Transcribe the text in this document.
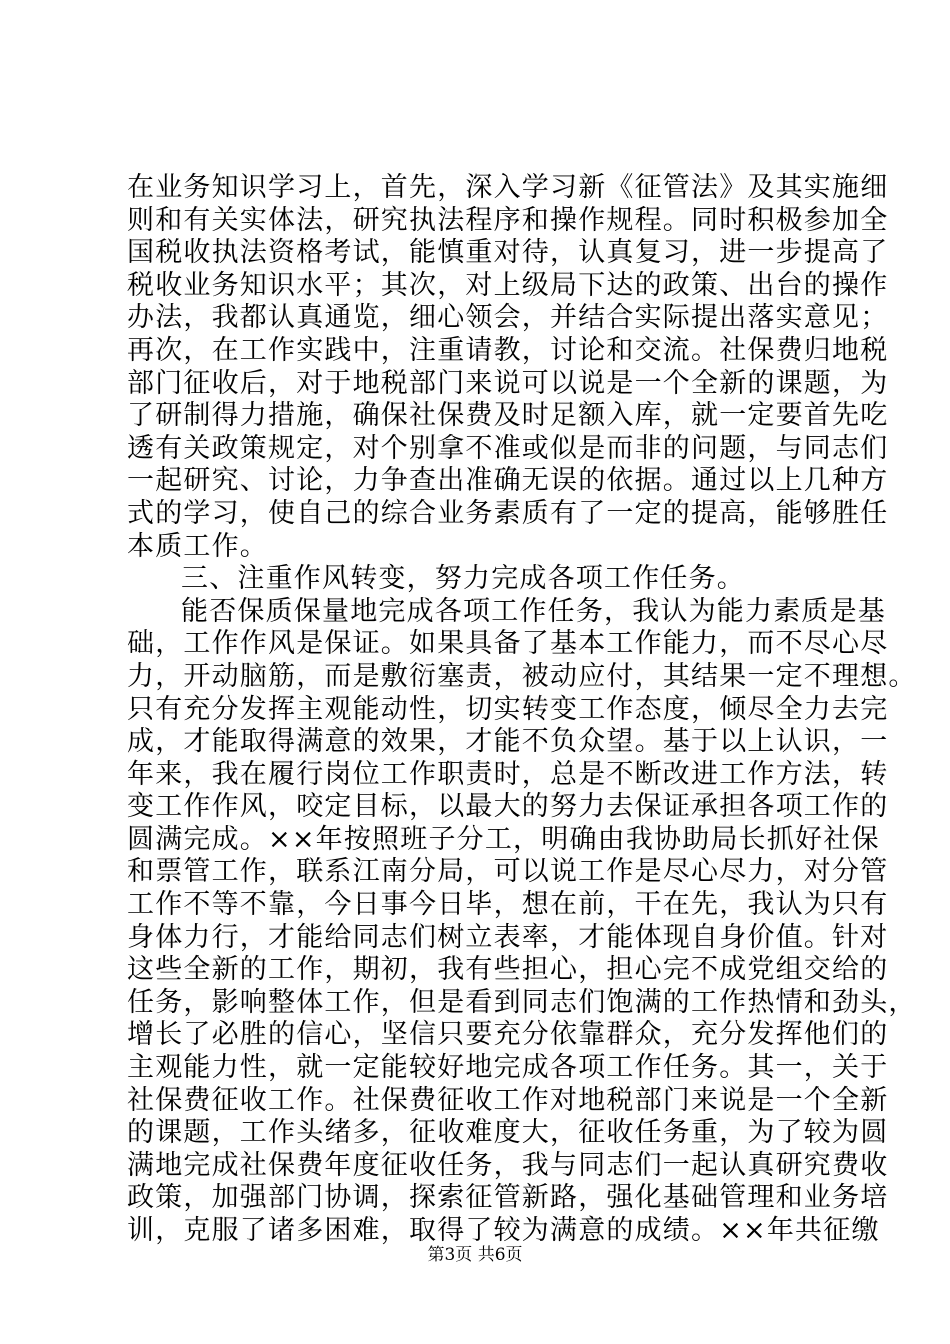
在业务知识学习上，首先，深入学习新《征管法》及其实施细
则和有关实体法，研究执法程序和操作规程。同时积极参加全
国税收执法资格考试，能慎重对待，认真复习，进一步提高了
税收业务知识水平；其次，对上级局下达的政策、出台的操作
办法，我都认真通览，细心领会，并结合实际提出落实意见；
再次，在工作实践中，注重请教，讨论和交流。社保费归地税
部门征收后，对于地税部门来说可以说是一个全新的课题，为
了研制得力措施，确保社保费及时足额入库，就一定要首先吃
透有关政策规定，对个别拿不准或似是而非的问题，与同志们
一起研究、讨论，力争查出准确无误的依据。通过以上几种方
式的学习，使自己的综合业务素质有了一定的提高，能够胜任
本质工作。
三、注重作风转变，努力完成各项工作任务。
能否保质保量地完成各项工作任务，我认为能力素质是基
础，工作作风是保证。如果具备了基本工作能力，而不尽心尽
力，开动脑筋，而是敷衍塞责，被动应付，其结果一定不理想。
只有充分发挥主观能动性，切实转变工作态度，倾尽全力去完
成，才能取得满意的效果，才能不负众望。基于以上认识，一
年来，我在履行岗位工作职责时，总是不断改进工作方法，转
变工作作风，咬定目标，以最大的努力去保证承担各项工作的
圆满完成。××年按照班子分工，明确由我协助局长抓好社保
和票管工作，联系江南分局，可以说工作是尽心尽力，对分管
工作不等不靠，今日事今日毕，想在前，干在先，我认为只有
身体力行，才能给同志们树立表率，才能体现自身价值。针对
这些全新的工作，期初，我有些担心，担心完不成党组交给的
任务，影响整体工作，但是看到同志们饱满的工作热情和劲头，
增长了必胜的信心，坚信只要充分依靠群众，充分发挥他们的
主观能力性，就一定能较好地完成各项工作任务。其一，关于
社保费征收工作。社保费征收工作对地税部门来说是一个全新
的课题，工作头绪多，征收难度大，征收任务重，为了较为圆
满地完成社保费年度征收任务，我与同志们一起认真研究费收
政策，加强部门协调，探索征管新路，强化基础管理和业务培
训，克服了诸多困难，取得了较为满意的成绩。××年共征缴
第3页 共6页
